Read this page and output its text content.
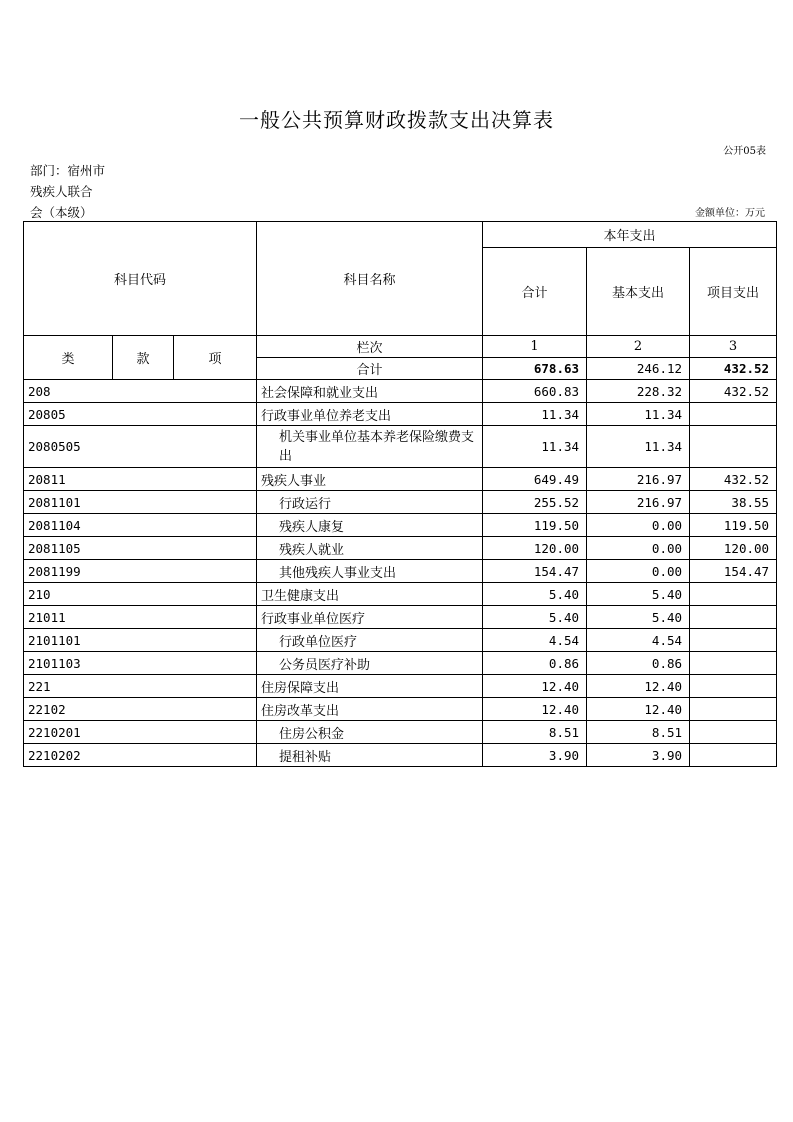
一般公共预算财政拨款支出决算表
公开05表
部门：宿州市
残疾人联合
会（本级）	金额单位：万元
科目代码			科目名称	本年支出		
				合计	基本支出	项目支出
类	款	项	栏次	1	2	3
			合计	678.63	246.12	432.52
208			社会保障和就业支出	660.83	228.32	432.52
20805			行政事业单位养老支出	11.34	11.34	
2080505			机关事业单位基本养老保险缴费支出	11.34	11.34	
20811			残疾人事业	649.49	216.97	432.52
2081101			行政运行	255.52	216.97	38.55
2081104			残疾人康复	119.50	0.00	119.50
2081105			残疾人就业	120.00	0.00	120.00
2081199			其他残疾人事业支出	154.47	0.00	154.47
210			卫生健康支出	5.40	5.40	
21011			行政事业单位医疗	5.40	5.40	
2101101			行政单位医疗	4.54	4.54	
2101103			公务员医疗补助	0.86	0.86	
221			住房保障支出	12.40	12.40	
22102			住房改革支出	12.40	12.40	
2210201			住房公积金	8.51	8.51	
2210202			提租补贴	3.90	3.90	
